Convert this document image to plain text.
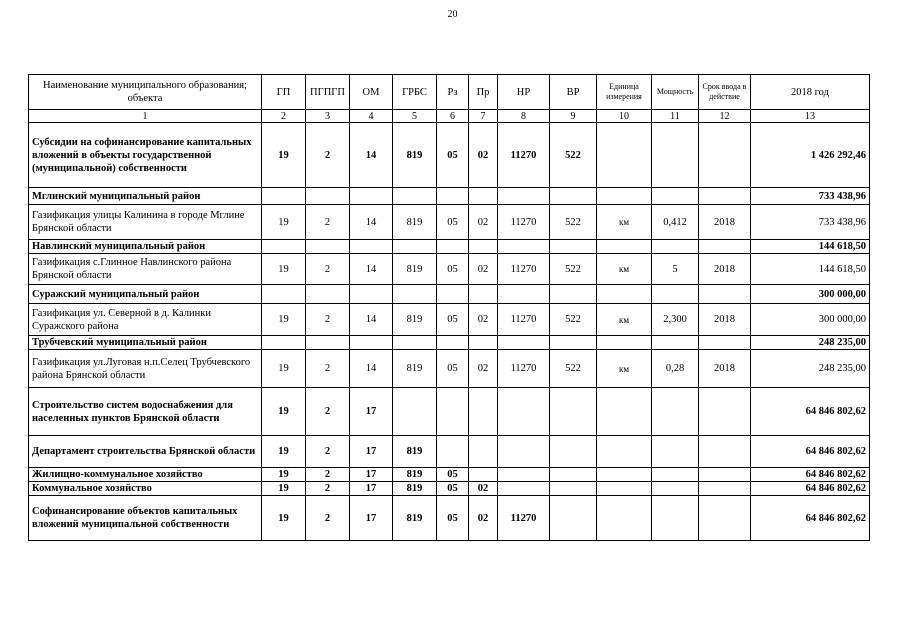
20
Наименование муниципального образования; объекта	ГП	ПГПГП	ОМ	ГРБС	Рз	Пр	НР	ВР	Единица измерения	Мощность	Срок ввода в действие	2018 год
1	2	3	4	5	6	7	8	9	10	11	12	13
Субсидии на софинансирование капитальных вложений в объекты государственной (муниципальной) собственности	19	2	14	819	05	02	11270	522				1 426 292,46
Мглинский муниципальный район												733 438,96
Газификация улицы Калинина в городе Мглине Брянской области	19	2	14	819	05	02	11270	522	км	0,412	2018	733 438,96
Навлинский муниципальный район												144 618,50
Газификация с.Глинное Навлинского района Брянской области	19	2	14	819	05	02	11270	522	км	5	2018	144 618,50
Суражский муниципальный район												300 000,00
Газификация ул. Северной в д. Калинки Суражского района	19	2	14	819	05	02	11270	522	км	2,300	2018	300 000,00
Трубчевский муниципальный район												248 235,00
Газификация ул.Луговая н.п.Селец Трубчевского района Брянской области	19	2	14	819	05	02	11270	522	км	0,28	2018	248 235,00
Строительство систем водоснабжения для населенных пунктов Брянской области	19	2	17									64 846 802,62
Департамент строительства Брянской области	19	2	17	819								64 846 802,62
Жилищно-коммунальное хозяйство	19	2	17	819	05							64 846 802,62
Коммунальное хозяйство	19	2	17	819	05	02						64 846 802,62
Софинансирование объектов капитальных вложений муниципальной собственности	19	2	17	819	05	02	11270					64 846 802,62
